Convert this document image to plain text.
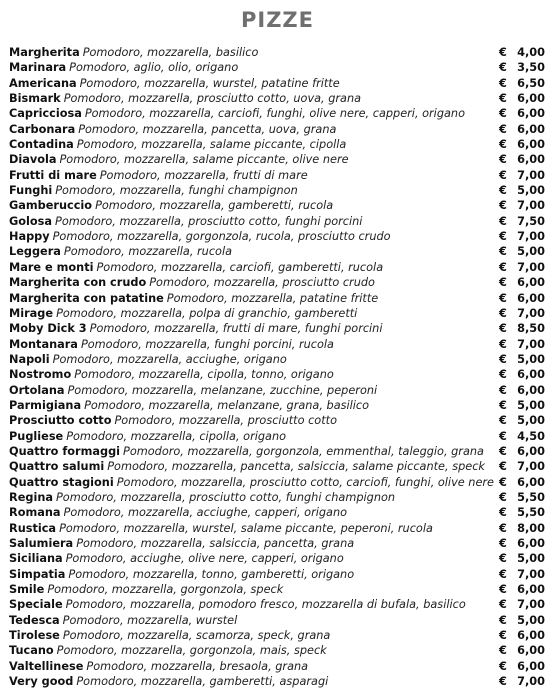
PIZZE
Margherita Pomodoro, mozzarella, basilico	€ 4,00
Marinara Pomodoro, aglio, olio, origano	€ 3,50
Americana Pomodoro, mozzarella, wurstel, patatine fritte	€ 6,50
Bismark Pomodoro, mozzarella, prosciutto cotto, uova, grana	€ 6,00
Capricciosa Pomodoro, mozzarella, carciofi, funghi, olive nere, capperi, origano	€ 6,00
Carbonara Pomodoro, mozzarella, pancetta, uova, grana	€ 6,00
Contadina Pomodoro, mozzarella, salame piccante, cipolla	€ 6,00
Diavola Pomodoro, mozzarella, salame piccante, olive nere	€ 6,00
Frutti di mare Pomodoro, mozzarella, frutti di mare	€ 7,00
Funghi Pomodoro, mozzarella, funghi champignon	€ 5,00
Gamberuccio Pomodoro, mozzarella, gamberetti, rucola	€ 7,00
Golosa Pomodoro, mozzarella, prosciutto cotto, funghi porcini	€ 7,50
Happy Pomodoro, mozzarella, gorgonzola, rucola, prosciutto crudo	€ 7,00
Leggera Pomodoro, mozzarella, rucola	€ 5,00
Mare e monti Pomodoro, mozzarella, carciofi, gamberetti, rucola	€ 7,00
Margherita con crudo Pomodoro, mozzarella, prosciutto crudo	€ 6,00
Margherita con patatine Pomodoro, mozzarella, patatine fritte	€ 6,00
Mirage Pomodoro, mozzarella, polpa di granchio, gamberetti	€ 7,00
Moby Dick 3 Pomodoro, mozzarella, frutti di mare, funghi porcini	€ 8,50
Montanara Pomodoro, mozzarella, funghi porcini, rucola	€ 7,00
Napoli Pomodoro, mozzarella, acciughe, origano	€ 5,00
Nostromo Pomodoro, mozzarella, cipolla, tonno, origano	€ 6,00
Ortolana Pomodoro, mozzarella, melanzane, zucchine, peperoni	€ 6,00
Parmigiana Pomodoro, mozzarella, melanzane, grana, basilico	€ 5,00
Prosciutto cotto Pomodoro, mozzarella, prosciutto cotto	€ 5,00
Pugliese Pomodoro, mozzarella, cipolla, origano	€ 4,50
Quattro formaggi Pomodoro, mozzarella, gorgonzola, emmenthal, taleggio, grana	€ 6,00
Quattro salumi Pomodoro, mozzarella, pancetta, salsiccia, salame piccante, speck	€ 7,00
Quattro stagioni Pomodoro, mozzarella, prosciutto cotto, carciofi, funghi, olive nere € 6,00
Regina Pomodoro, mozzarella, prosciutto cotto, funghi champignon	€ 5,50
Romana Pomodoro, mozzarella, acciughe, capperi, origano	€ 5,50
Rustica Pomodoro, mozzarella, wurstel, salame piccante, peperoni, rucola	€ 8,00
Salumiera Pomodoro, mozzarella, salsiccia, pancetta, grana	€ 6,00
Siciliana Pomodoro, acciughe, olive nere, capperi, origano	€ 5,00
Simpatia Pomodoro, mozzarella, tonno, gamberetti, origano	€ 7,00
Smile Pomodoro, mozzarella, gorgonzola, speck	€ 6,00
Speciale Pomodoro, mozzarella, pomodoro fresco, mozzarella di bufala, basilico	€ 7,00
Tedesca Pomodoro, mozzarella, wurstel	€ 5,00
Tirolese Pomodoro, mozzarella, scamorza, speck, grana	€ 6,00
Tucano Pomodoro, mozzarella, gorgonzola, mais, speck	€ 6,00
Valtellinese Pomodoro, mozzarella, bresaola, grana	€ 6,00
Very good Pomodoro, mozzarella, gamberetti, asparagi	€ 7,00
